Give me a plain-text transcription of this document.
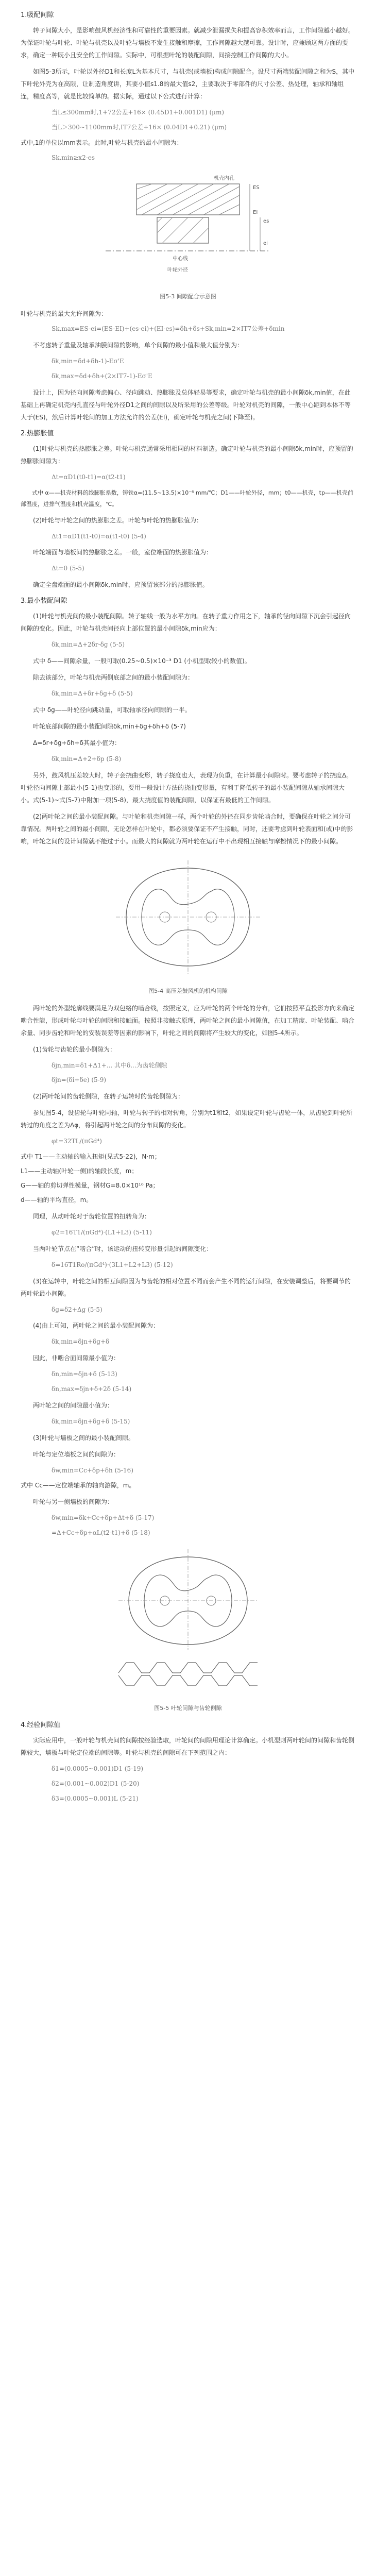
1.吸配间隙

转子间隙大小，是影响鼓风机经济性和可靠性的重要因素。就减少泄漏损失和提高容积效率而言，工作间隙越小越好。为保证叶轮与叶轮、叶轮与机壳以及叶轮与墙板不发生接触和摩擦，工作间隙越大越可靠。设计时，应兼顾这两方面的要求，确定一种既小且安全的工作间隙。实际中，可根据叶轮的装配间隙，间接控制工作间隙的大小。

如图5-3所示，叶轮以外径D1和长度L为基本尺寸，与机壳(或墙板)构成间隙配合。设尺寸两端装配间隙之和为S，其中下叶轮外壳为在高限，让制造角度讲，其要小值s1.8的最大值s2，主要取决于零部件的尺寸公差、热处理，轴承和轴组连，精度高等，就是比较简单的。据实际，通过以下公式进行计算：

当L≤300mm时,1+72公差+16× (0.45D1+0.001D1) (μm)
当L＞300~1100mm时,IT7公差+16× (0.04D1+0.21) (μm)

式中,1的单位以mm表示。此时,叶轮与机壳的最小间隙为：

Sk,min≥x2-es
机壳内孔
ES
EI
es
ei
中心线
叶轮外径
图5-3 间隙配合示意图

叶轮与机壳的最大允许间隙为：

Sk,max=ES-ei=(ES-EI)+(es-ei)+(EI-es)=δh+δs+Sk,min=2×IT7公差+δmin

不考虑转子重量及轴承油膜间隙的影响，单个间隙的最小值和最大值分别为：

δk,min=δd+δh-1)-Eσ'E
δk,max=δd+δh+(2×IT7-1)-Eσ'E

设计上，因为径向间隙考虑偏心、径向跳动、热膨胀及总体轻易等要求，确定叶轮与机壳的最小间隙δk,min值，在此基础上再确定机壳内孔直径与叶轮外径D1之间的间隙以及所采用的公差等级。叶轮对机壳的间隙，一般中心距到本体不等大于(ES)，然后计算叶轮间的加工方法允许的公差(EI)，确定叶轮与机壳之间(下降至)。

2.热膨胀值

(1)叶轮与机壳的热膨胀之差。叶轮与机壳通常采用相同的材料制造。确定叶轮与机壳的最小间隙δk,min时，应预留的热膨胀间隙为：

Δt=αD1(t0-t1)=α(t2-t1)

式中 α——机壳材料的线膨胀系数，铸铁α=(11.5~13.5)×10⁻⁶ mm/℃；D1——叶轮外径，mm；t0——机壳，tp——机壳前部温度，进排气温度和机壳温度，℃。

(2)叶轮与叶轮之间的热膨胀之差。叶轮与叶轮的热膨胀值为：

Δt1=αD1(t1-t0)=α(t1-t0) (5-4)

叶轮端面与墙板间的热膨胀之差。一般，室位端面的热膨胀值为：

Δt=0 (5-5)

确定全盘端面的最小间隙δk,min时，应预留该部分的热膨胀值。

3.最小装配间隙

(1)叶轮与机壳间的最小装配间隙。转子轴线一般为水平方向。在转子重力作用之下，轴承的径向间隙下沉会引起径向间隙的变化。因此，叶轮与机壳间径向上部位置的最小间隙δk,min应为：

δk,min=Δ+2δr-δg (5-5)

式中 δ——间隙余量，一般可取(0.25~0.5)×10⁻³ D1 (小机型取较小的数值)。

除去该部分，叶轮与机壳两侧底部之间的最小装配间隙为：

δk,min=Δ+δr+δg+δ (5-5)

式中 δg——叶轮径向跳动量，可取轴承径向间隙的一半。

叶轮底部间隙的最小装配间隙δk,min+δg+δh+δ (5-7)

Δ=δr+δg+δh+δ其最小值为：

δk,min=Δ+2+δp (5-8)

另外，鼓风机压差较大时，转子会挠曲变形，转子挠度也大，表现为负重，在计算最小间隙时。要考虑转子的挠度Δ。叶轮径向间隙上部最小(5-1)也变形的，要用一般设计方法的挠曲变形量，有利于降低转子的最小装配间隙从轴承间隙大小。式(5-1)~式(5-7)中附加一项(5-8)，最大挠度值的装配间隙，以保证有最低的工作间隙。

(2)两叶轮之间的最小装配间隙。与叶轮和机壳间隙一样，两个叶轮的外径在同步齿轮啮合时，要确保在叶轮之间分可靠情况。两叶轮之间的最小间隙，无论怎样在叶轮中，都必须要保证不产生接触，同时，还要考虑到叶轮表面和(或)中的影响，叶轮之间的设计间隙就不能过于小。而最大的间隙就为两叶轮在运行中不出现相互接触与摩擦情况下的最小间隙。

图5-4 高压差鼓风机的机构间隙

两叶轮的外型轮廓线要满足为双包络的啮合线，按照定义，应为叶轮的两个叶轮的分布，它们按照平直投影方向来确定啮合性能，形成叶轮与叶轮的间隙和接触面。按照非接触式原理，两叶轮之间的最小间隙值，在加工精度、叶轮装配、啮合余量、同步齿轮和叶轮的安装误差等因素的影响下，叶轮之间的间隙将产生较大的变化，如图5-4所示。

(1)齿轮与齿轮的最小侧隙为：

δjn,min=δ1+Δ1+... 其中δ...为齿轮侧隙
δjn=(δi+δe) (5-9)

(2)两叶轮间的齿轮侧隙，在转子运转时的齿轮侧隙为：

参见图5-4，设齿轮与叶轮同轴，叶轮与转子的相对转角，分别为t1和t2，如果设定叶轮与齿轮一体，从齿轮到叶轮所转过的角度之差为Δφ，将引起两叶轮之间的分布间隙的变化。

φt=32TL/(πGd⁴)

式中 T1——主动轴的输入扭矩(见式5-22)，N·m；

L1——主动轴(叶轮一侧)的轴段长度，m；

G——轴的剪切弹性模量，钢材G=8.0×10¹⁰ Pa；

d——轴的平均直径，m。

同理，从动叶轮对于齿轮位置的扭转角为：

φ2=16T1/(πGd⁴)·(L1+L3) (5-11)

当两叶轮节点在“啮合”时，该运动的扭转变形量引起的间隙变化：

δ=16T1Ro/(πGd⁴)·(3L1+L2+L3) (5-12)

(3)在运转中，叶轮之间的相互间隙因为与齿轮的相对位置不同而会产生不同的运行间隙，在安装调整后，将要调节的两叶轮最小间隙。

δg=δ2+Δg (5-5)

(4)由上可知，两叶轮之间的最小装配间隙为：

δk,min=δjn+δg+δ

因此，非啮合面间隙最小值为：

δn,min=δjn+δ (5-13)
δn,max=δjn+δ+2δ (5-14)

两叶轮之间的间隙最小值为：

δk,min=δjn+δg+δ (5-15)

(3)叶轮与墙板之间的最小装配间隙。

叶轮与定位墙板之间的间隙为：

δw,min=Cc+δp+δh (5-16)

式中 Cc——定位端轴承的轴向游隙，m。

叶轮与另一侧墙板的间隙为：

δw,min=δk+Cc+δp+Δt+δ (5-17)
=Δ+Cc+δp+αL(t2-t1)+δ (5-18)
图5-5 叶轮间隙与齿轮侧隙
4.经验间隙值

实际应用中，一般叶轮与机壳间的间隙按经验选取，叶轮间的间隙用理论计算确定。小机型则两叶轮间的间隙和齿轮侧隙较大，墙板与叶轮定位端的间隙等。叶轮与机壳的间隙可在下列范围之内：

δ1=(0.0005~0.001)D1 (5-19)
δ2=(0.001~0.002)D1 (5-20)
δ3=(0.0005~0.001)L (5-21)
